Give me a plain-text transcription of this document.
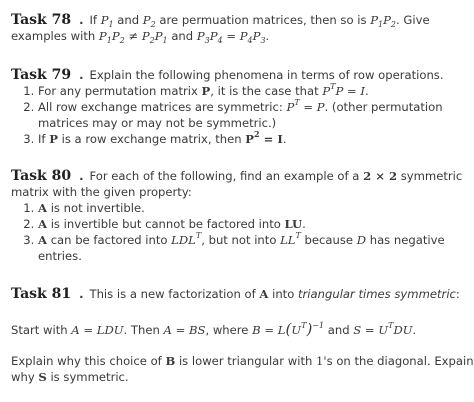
Task 78 . If $P_1$ and $P_2$ are permuation matrices, then so is $P_1P_2$. Give
examples with $P_1P_2 \ne P_2P_1$ and $P_3P_4 = P_4P_3$.
Task 79 . Explain the following phenomena in terms of row operations.
1. For any permutation matrix P, it is the case that $P^TP = I$.
2. All row exchange matrices are symmetric: $P^T = P$. (other permutation
matrices may or may not be symmetric.)
3. If P is a row exchange matrix, then $P^2 = I$.
Task 80 . For each of the following, find an example of a 2 × 2 symmetric
matrix with the given property:
1. A is not invertible.
2. A is invertible but cannot be factored into LU.
3. A can be factored into $LDL^T$, but not into $LL^T$ because D has negative
entries.
Task 81 . This is a new factorization of A into triangular times symmetric:
Start with A = LDU. Then A = BS, where $B = L(U^T)^{-1}$ and $S = U^TDU$.
Explain why this choice of B is lower triangular with 1's on the diagonal. Expain
why S is symmetric.
